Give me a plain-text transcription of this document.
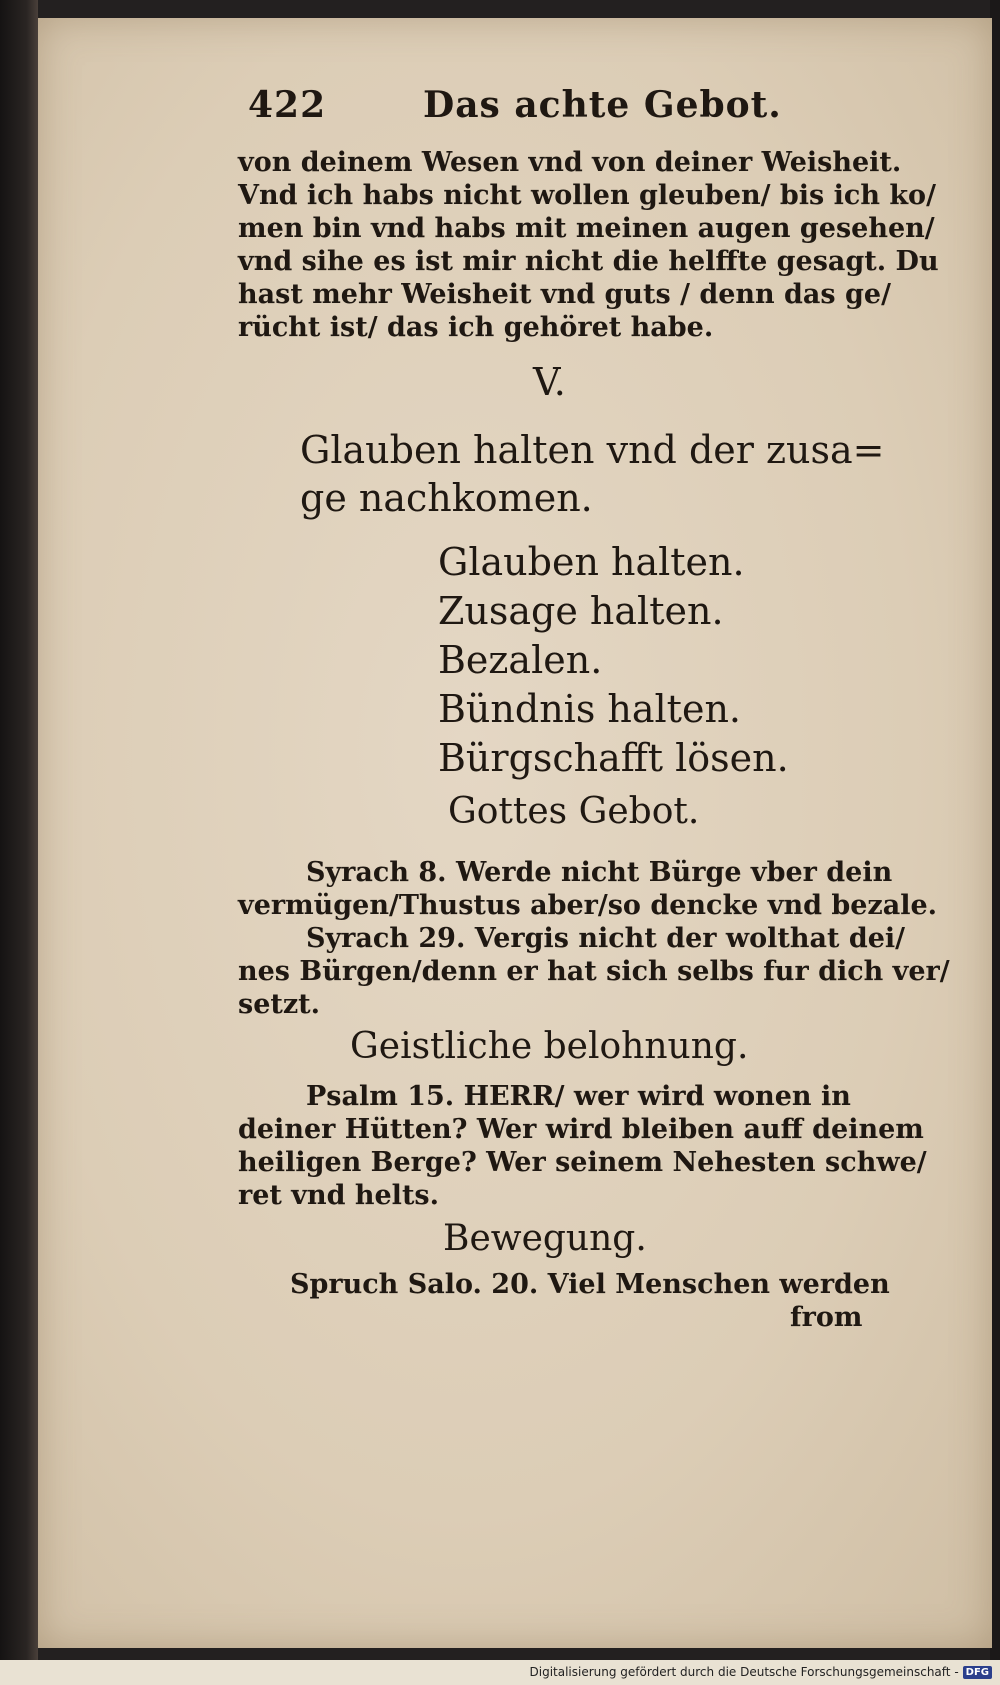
422	Das achte Gebot.
von deinem Wesen vnd von deiner Weisheit.
Vnd ich habs nicht wollen gleuben/ bis ich ko/
men bin vnd habs mit meinen augen gesehen/
vnd sihe es ist mir nicht die helffte gesagt. Du
hast mehr Weisheit vnd guts / denn das ge/
rücht ist/ das ich gehöret habe.
V.
Glauben halten vnd der zusa=
ge nachkomen.
Glauben halten.
Zusage halten.
Bezalen.
Bündnis halten.
Bürgschafft lösen.
Gottes Gebot.
Syrach 8. Werde nicht Bürge vber dein
vermügen/Thustus aber/so dencke vnd bezale.
Syrach 29. Vergis nicht der wolthat dei/
nes Bürgen/denn er hat sich selbs fur dich ver/
setzt.
Geistliche belohnung.
Psalm 15. HERR/ wer wird wonen in
deiner Hütten? Wer wird bleiben auff deinem
heiligen Berge? Wer seinem Nehesten schwe/
ret vnd helts.
Bewegung.
Spruch Salo. 20. Viel Menschen werden
from
Digitalisierung gefördert durch die Deutsche Forschungsgemeinschaft - DFG
